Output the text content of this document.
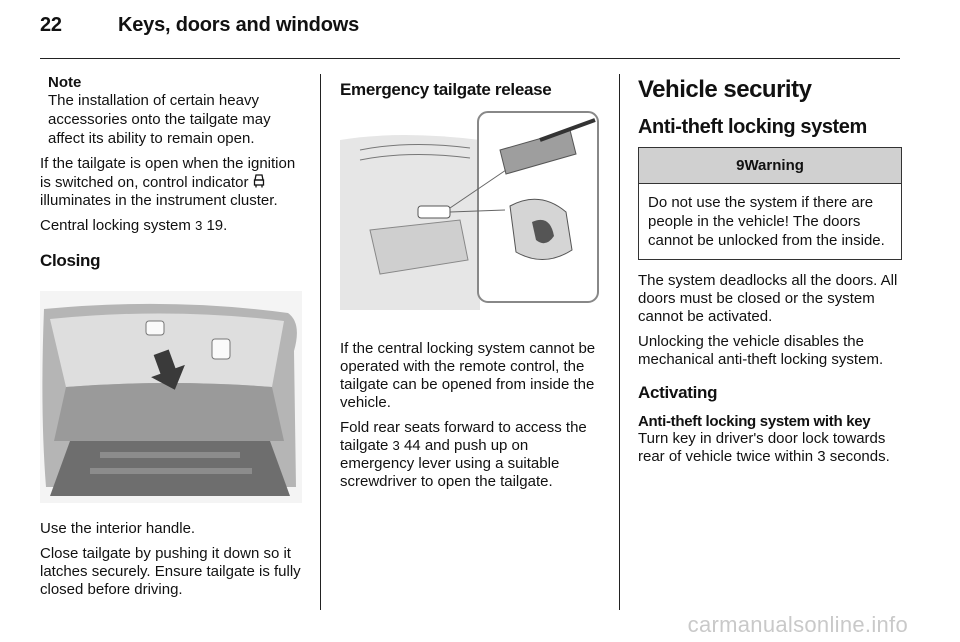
22	Keys, doors and windows
Note
The installation of certain heavy accessories onto the tailgate may affect its ability to remain open.

If the tailgate is open when the ignition is switched on, control indicator  illuminates in the instrument cluster.

Central locking system 3 19.

Closing

Use the interior handle.

Close tailgate by pushing it down so it latches securely. Ensure tailgate is fully closed before driving.

Emergency tailgate release

If the central locking system cannot be operated with the remote control, the tailgate can be opened from inside the vehicle.

Fold rear seats forward to access the tailgate 3 44 and push up on emergency lever using a suitable screwdriver to open the tailgate.

Vehicle security
Anti-theft locking system
9Warning
Do not use the system if there are people in the vehicle! The doors cannot be unlocked from the inside.

The system deadlocks all the doors. All doors must be closed or the system cannot be activated.

Unlocking the vehicle disables the mechanical anti-theft locking system.

Activating
Anti-theft locking system with key

Turn key in driver's door lock towards rear of vehicle twice within 3 seconds.

carmanualsonline.info
